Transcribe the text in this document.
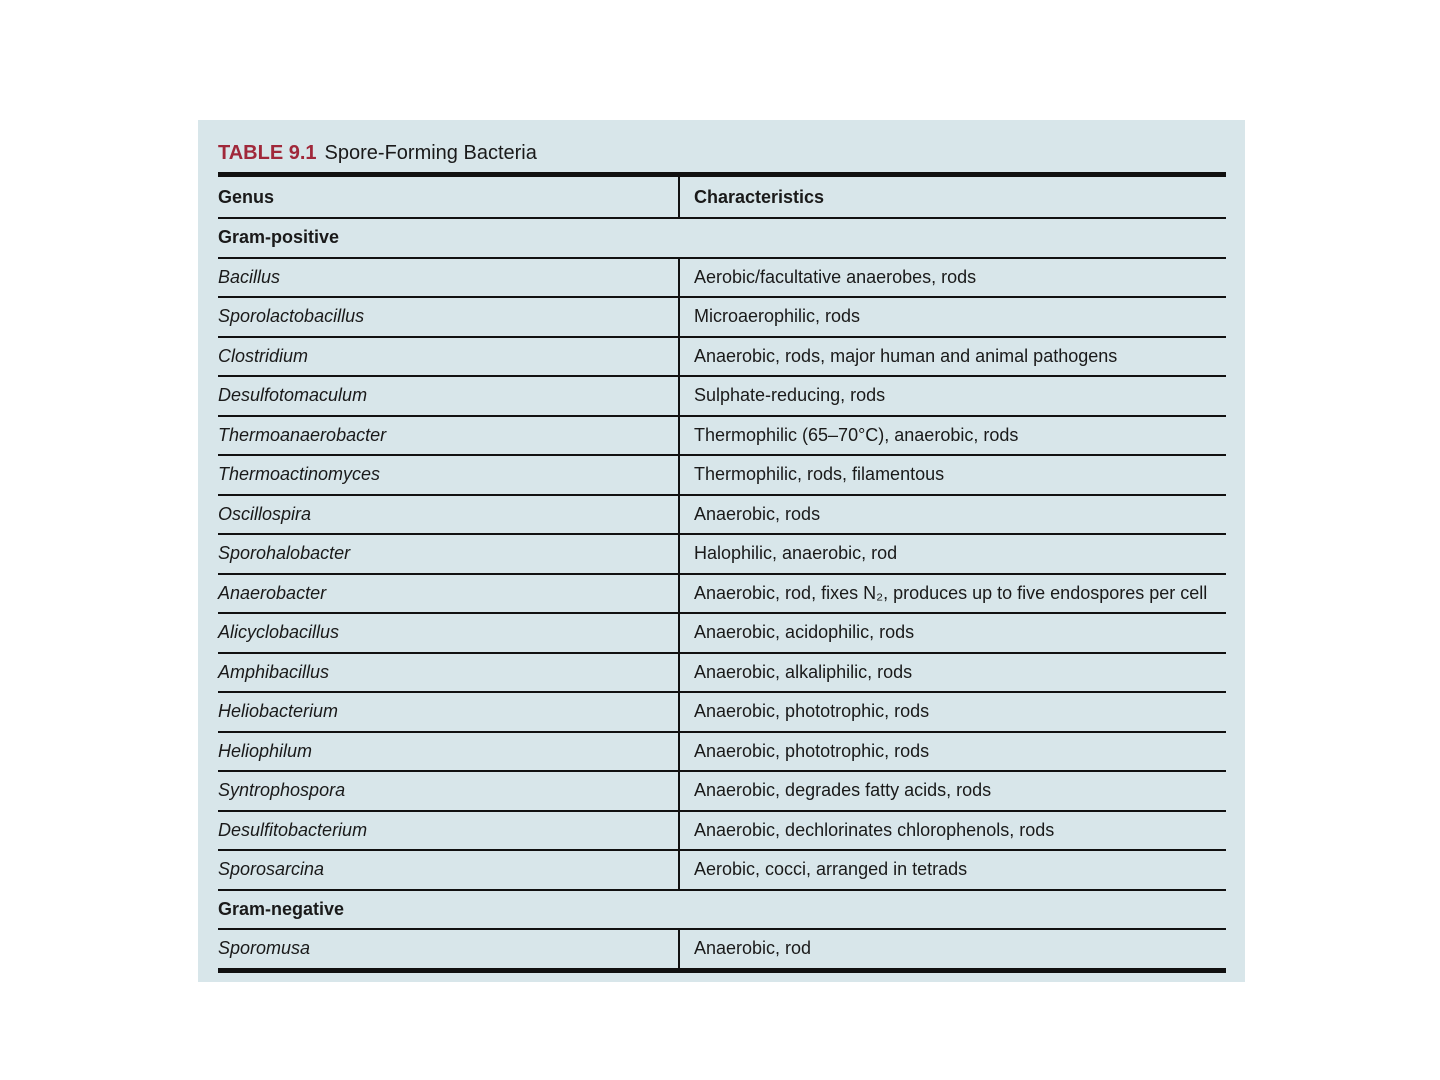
TABLE 9.1 Spore-Forming Bacteria
Genus	Characteristics
Gram-positive	
Bacillus	Aerobic/facultative anaerobes, rods
Sporolactobacillus	Microaerophilic, rods
Clostridium	Anaerobic, rods, major human and animal pathogens
Desulfotomaculum	Sulphate-reducing, rods
Thermoanaerobacter	Thermophilic (65–70°C), anaerobic, rods
Thermoactinomyces	Thermophilic, rods, filamentous
Oscillospira	Anaerobic, rods
Sporohalobacter	Halophilic, anaerobic, rod
Anaerobacter	Anaerobic, rod, fixes N₂, produces up to five endospores per cell
Alicyclobacillus	Anaerobic, acidophilic, rods
Amphibacillus	Anaerobic, alkaliphilic, rods
Heliobacterium	Anaerobic, phototrophic, rods
Heliophilum	Anaerobic, phototrophic, rods
Syntrophospora	Anaerobic, degrades fatty acids, rods
Desulfitobacterium	Anaerobic, dechlorinates chlorophenols, rods
Sporosarcina	Aerobic, cocci, arranged in tetrads
Gram-negative	
Sporomusa	Anaerobic, rod
